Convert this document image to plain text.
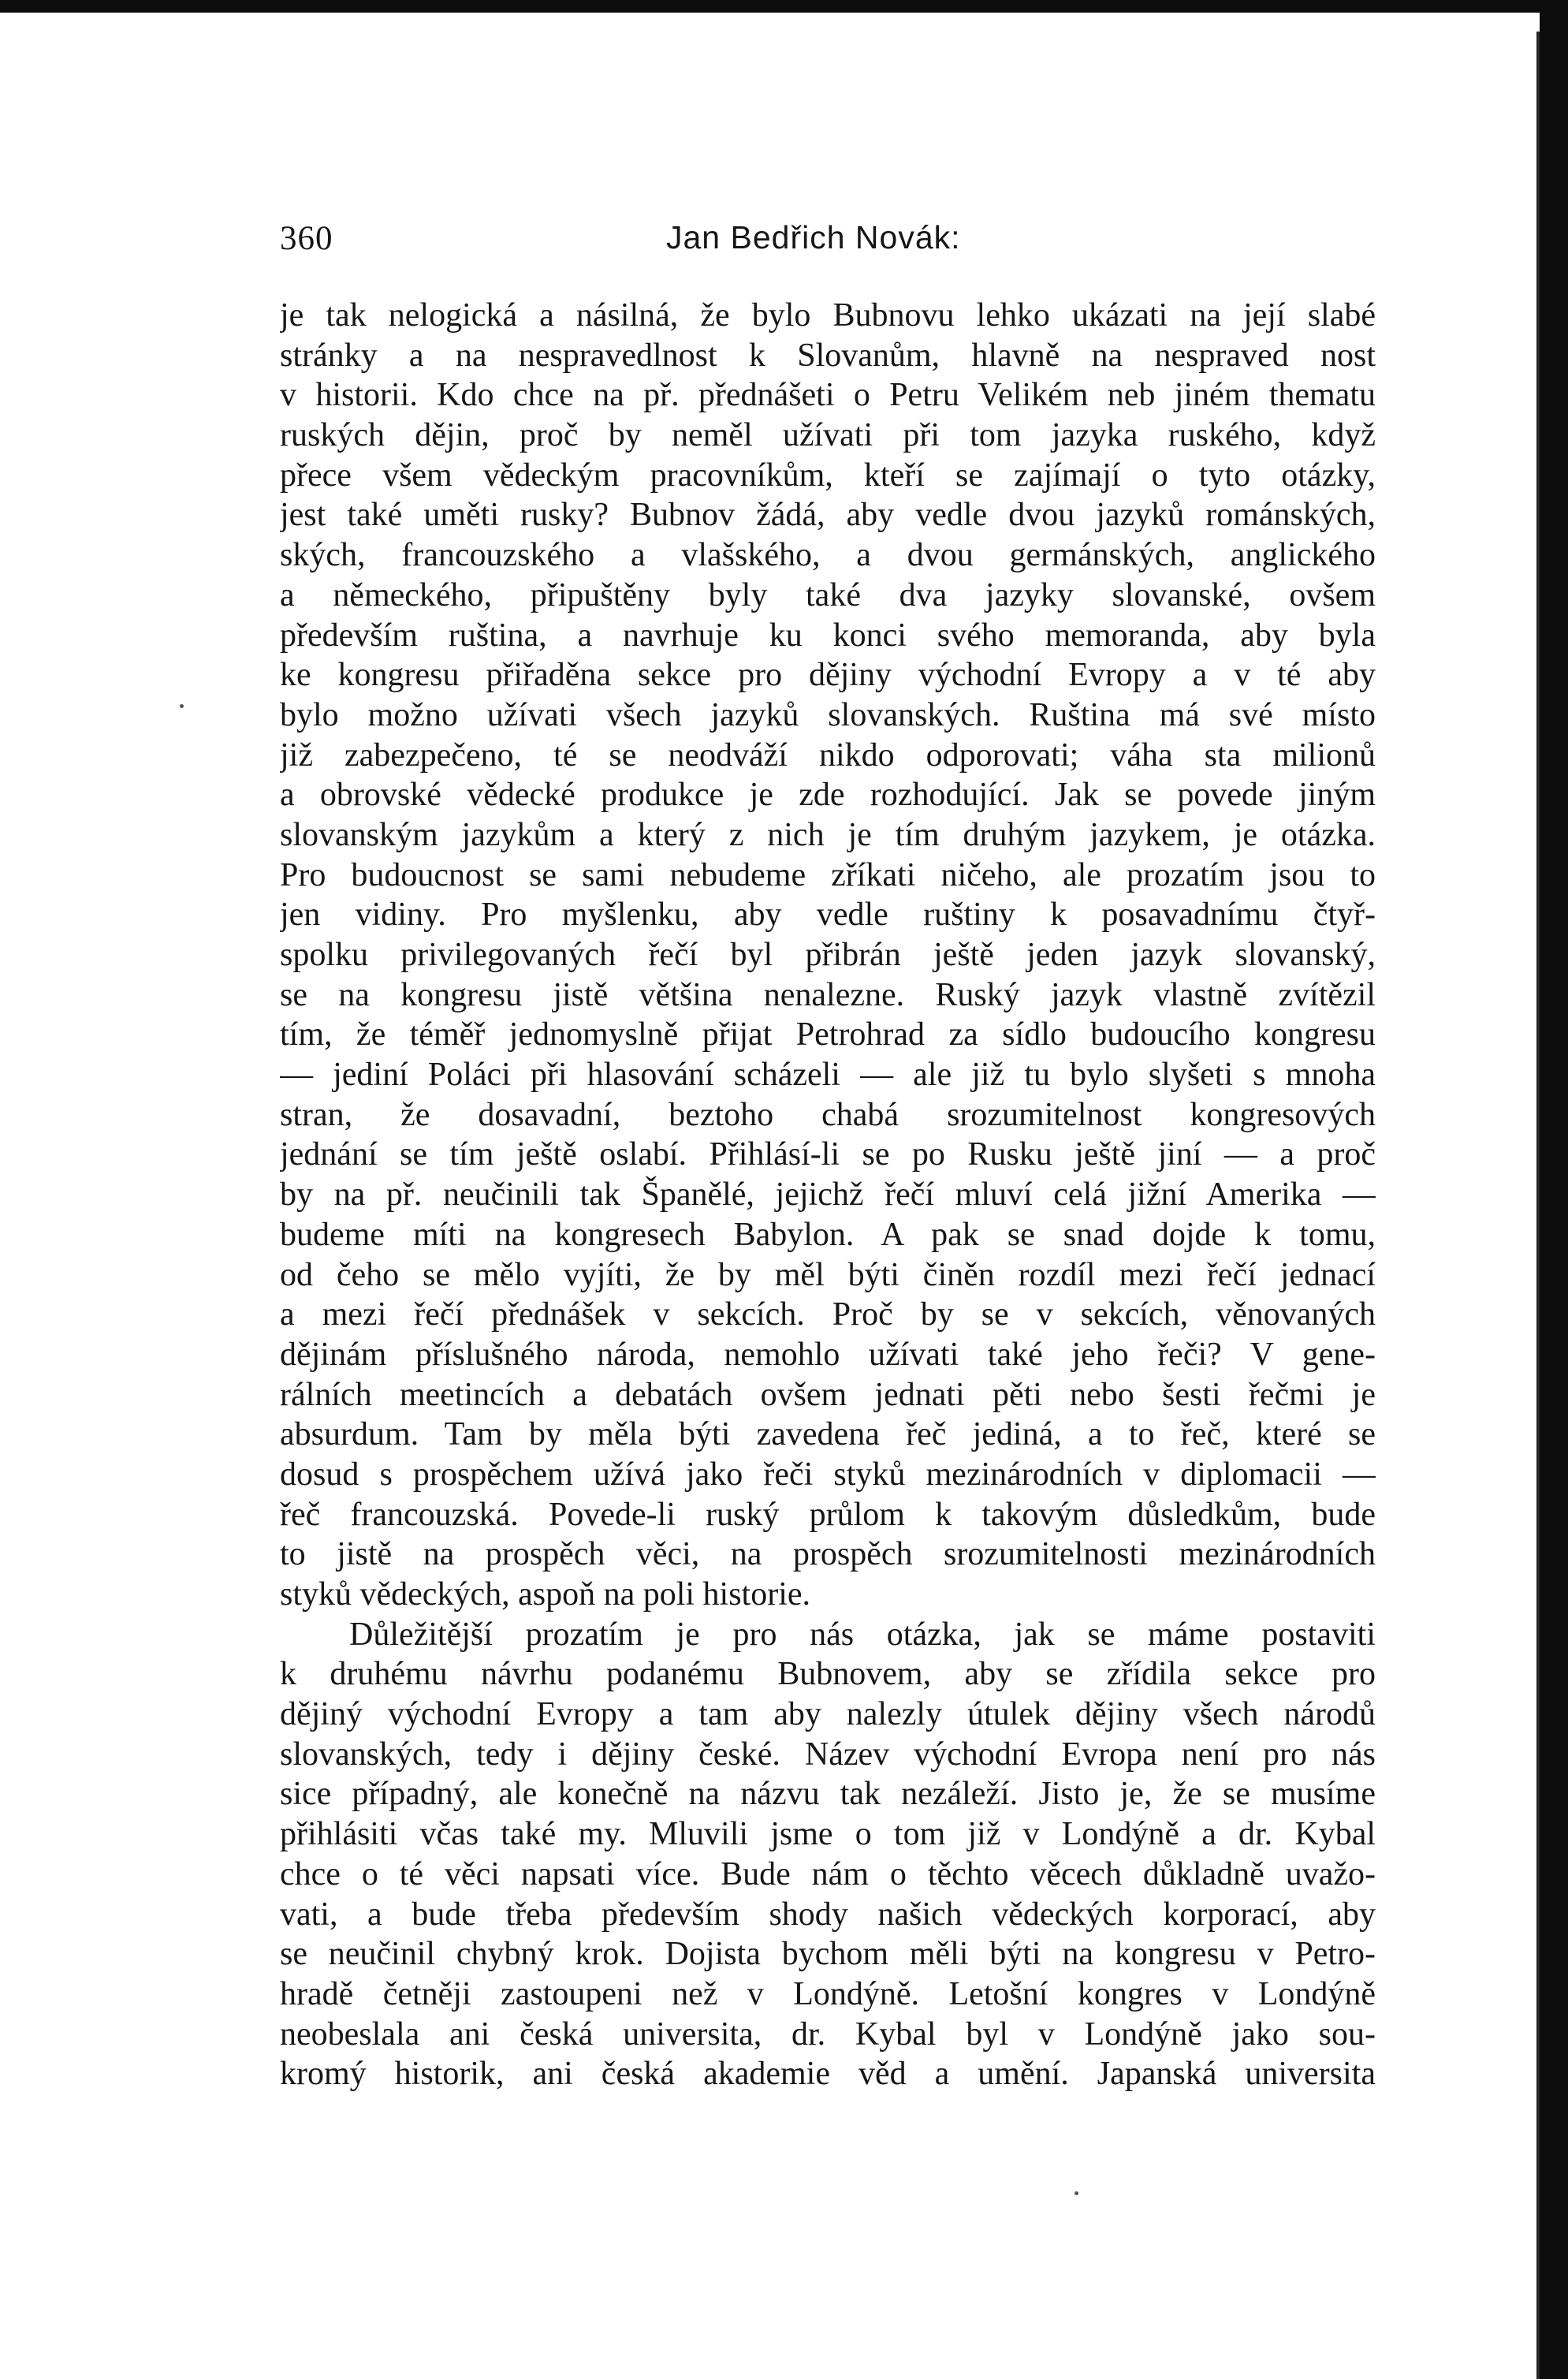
360	Jan Bedřich Novák:
je tak nelogická a násilná, že bylo Bubnovu lehko ukázati na její slabé
stránky a na nespravedlnost k Slovanům, hlavně na nespraved nost
v historii. Kdo chce na př. přednášeti o Petru Velikém neb jiném thematu
ruských dějin, proč by neměl užívati při tom jazyka ruského, když
přece všem vědeckým pracovníkům, kteří se zajímají o tyto otázky,
jest také uměti rusky? Bubnov žádá, aby vedle dvou jazyků románských,
ských, francouzského a vlašského, a dvou germánských, anglického
a německého, připuštěny byly také dva jazyky slovanské, ovšem
především ruština, a navrhuje ku konci svého memoranda, aby byla
ke kongresu přiřaděna sekce pro dějiny východní Evropy a v té aby
bylo možno užívati všech jazyků slovanských. Ruština má své místo
již zabezpečeno, té se neodváží nikdo odporovati; váha sta milionů
a obrovské vědecké produkce je zde rozhodující. Jak se povede jiným
slovanským jazykům a který z nich je tím druhým jazykem, je otázka.
Pro budoucnost se sami nebudeme zříkati ničeho, ale prozatím jsou to
jen vidiny. Pro myšlenku, aby vedle ruštiny k posavadnímu čtyř-
spolku privilegovaných řečí byl přibrán ještě jeden jazyk slovanský,
se na kongresu jistě většina nenalezne. Ruský jazyk vlastně zvítězil
tím, že téměř jednomyslně přijat Petrohrad za sídlo budoucího kongresu
— jediní Poláci při hlasování scházeli — ale již tu bylo slyšeti s mnoha
stran, že dosavadní, beztoho chabá srozumitelnost kongresových
jednání se tím ještě oslabí. Přihlásí-li se po Rusku ještě jiní — a proč
by na př. neučinili tak Španělé, jejichž řečí mluví celá jižní Amerika —
budeme míti na kongresech Babylon. A pak se snad dojde k tomu,
od čeho se mělo vyjíti, že by měl býti činěn rozdíl mezi řečí jednací
a mezi řečí přednášek v sekcích. Proč by se v sekcích, věnovaných
dějinám příslušného národa, nemohlo užívati také jeho řeči? V gene-
rálních meetincích a debatách ovšem jednati pěti nebo šesti řečmi je
absurdum. Tam by měla býti zavedena řeč jediná, a to řeč, které se
dosud s prospěchem užívá jako řeči styků mezinárodních v diplomacii —
řeč francouzská. Povede-li ruský průlom k takovým důsledkům, bude
to jistě na prospěch věci, na prospěch srozumitelnosti mezinárodních
styků vědeckých, aspoň na poli historie.
Důležitější prozatím je pro nás otázka, jak se máme postaviti
k druhému návrhu podanému Bubnovem, aby se zřídila sekce pro
dějiný východní Evropy a tam aby nalezly útulek dějiny všech národů
slovanských, tedy i dějiny české. Název východní Evropa není pro nás
sice případný, ale konečně na názvu tak nezáleží. Jisto je, že se musíme
přihlásiti včas také my. Mluvili jsme o tom již v Londýně a dr. Kybal
chce o té věci napsati více. Bude nám o těchto věcech důkladně uvažo-
vati, a bude třeba především shody našich vědeckých korporací, aby
se neučinil chybný krok. Dojista bychom měli býti na kongresu v Petro-
hradě četněji zastoupeni než v Londýně. Letošní kongres v Londýně
neobeslala ani česká universita, dr. Kybal byl v Londýně jako sou-
kromý historik, ani česká akademie věd a umění. Japanská universita
